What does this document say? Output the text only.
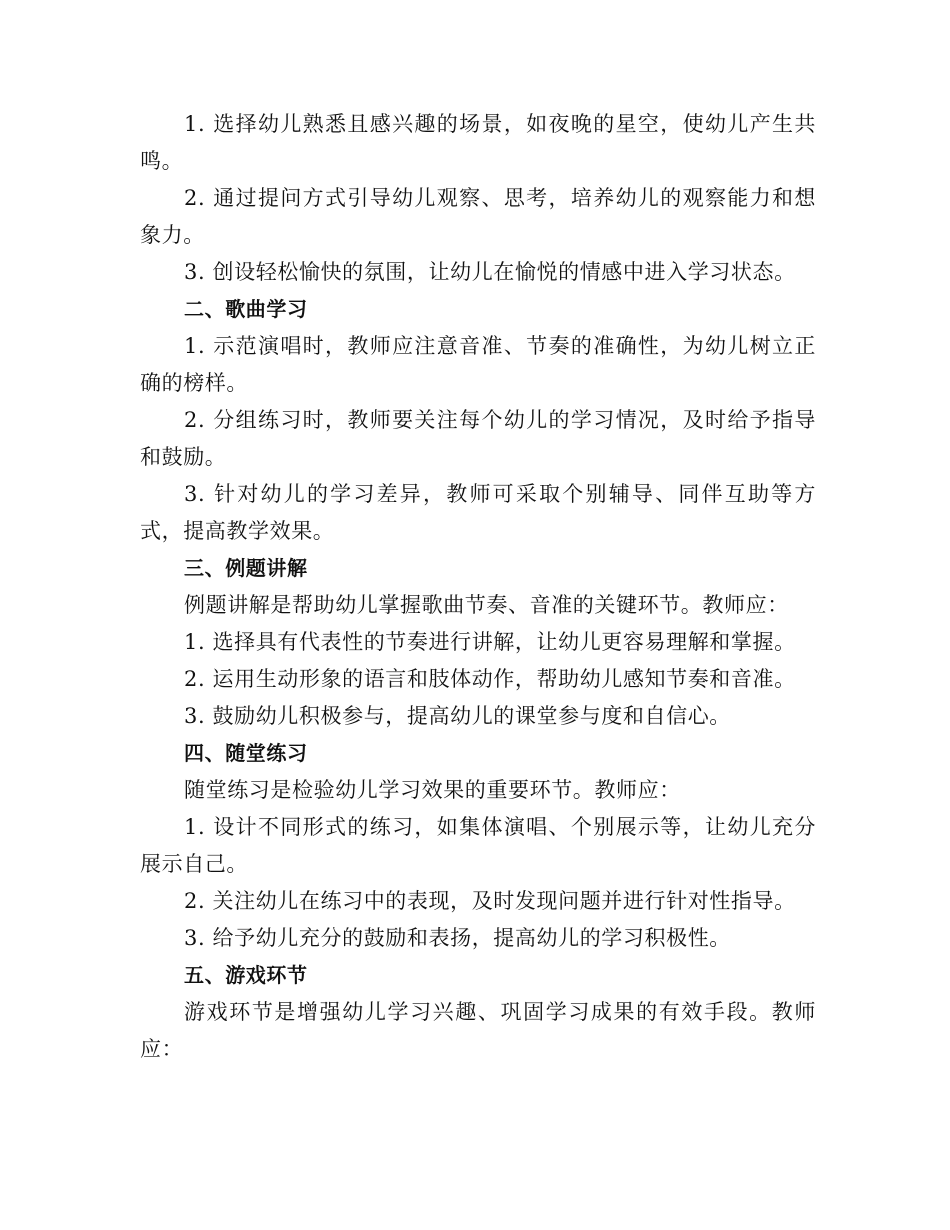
1. 选择幼儿熟悉且感兴趣的场景，如夜晚的星空，使幼儿产生共鸣。

2. 通过提问方式引导幼儿观察、思考，培养幼儿的观察能力和想象力。

3. 创设轻松愉快的氛围，让幼儿在愉悦的情感中进入学习状态。

二、歌曲学习

1. 示范演唱时，教师应注意音准、节奏的准确性，为幼儿树立正确的榜样。

2. 分组练习时，教师要关注每个幼儿的学习情况，及时给予指导和鼓励。

3. 针对幼儿的学习差异，教师可采取个别辅导、同伴互助等方式，提高教学效果。

三、例题讲解

例题讲解是帮助幼儿掌握歌曲节奏、音准的关键环节。教师应：

1. 选择具有代表性的节奏进行讲解，让幼儿更容易理解和掌握。

2. 运用生动形象的语言和肢体动作，帮助幼儿感知节奏和音准。

3. 鼓励幼儿积极参与，提高幼儿的课堂参与度和自信心。

四、随堂练习

随堂练习是检验幼儿学习效果的重要环节。教师应：

1. 设计不同形式的练习，如集体演唱、个别展示等，让幼儿充分展示自己。

2. 关注幼儿在练习中的表现，及时发现问题并进行针对性指导。

3. 给予幼儿充分的鼓励和表扬，提高幼儿的学习积极性。

五、游戏环节

游戏环节是增强幼儿学习兴趣、巩固学习成果的有效手段。教师应：
